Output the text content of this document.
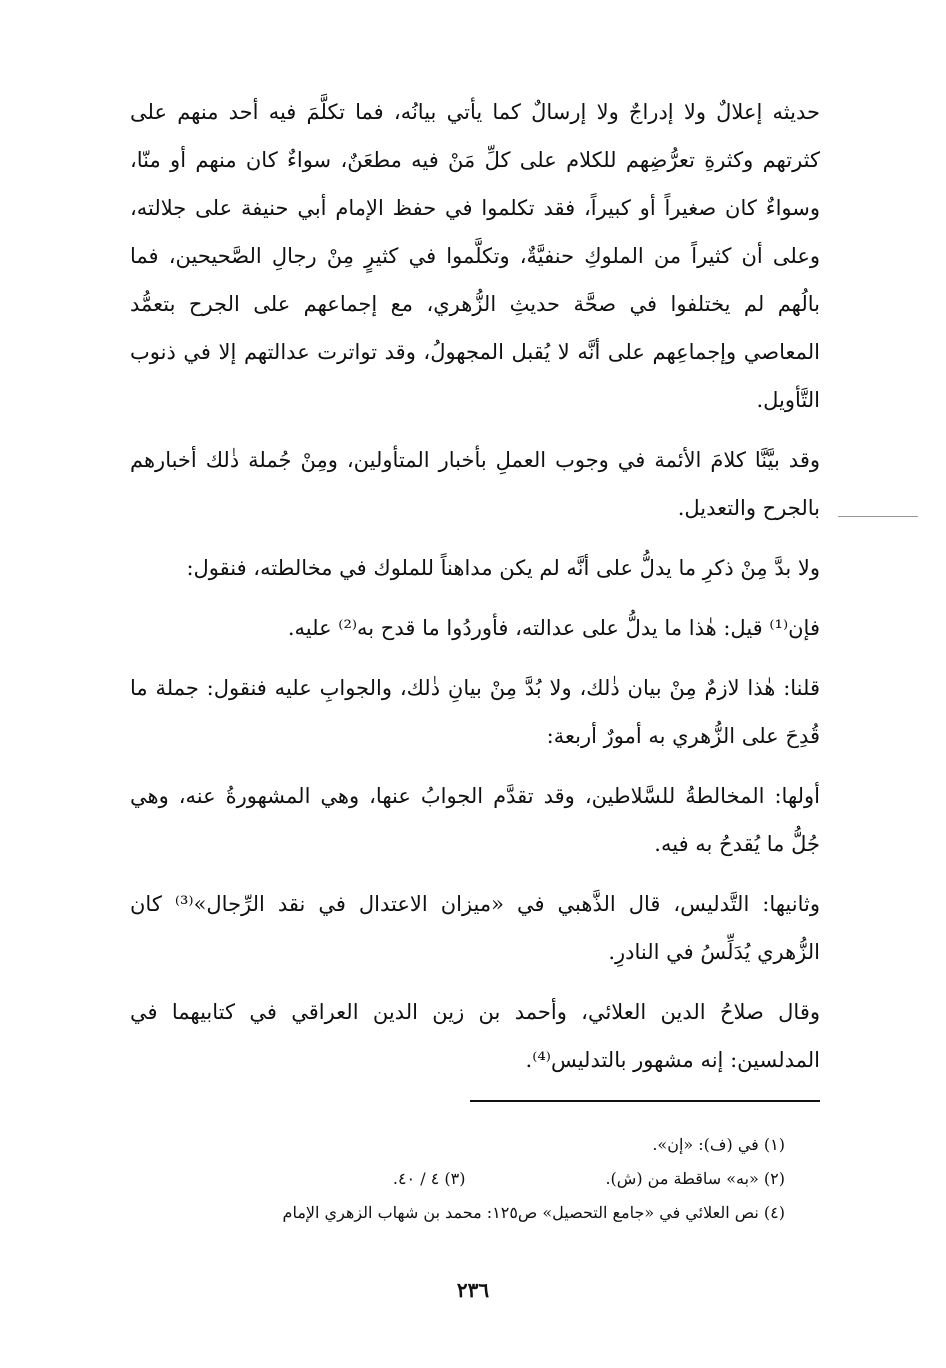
حديثه إعلالٌ ولا إدراجٌ ولا إرسالٌ كما يأتي بيانُه، فما تكلَّمَ فيه أحد منهم على كثرتهم وكثرةِ تعرُّضِهم للكلام على كلِّ مَنْ فيه مطعَنٌ، سواءٌ كان منهم أو منّا، وسواءٌ كان صغيراً أو كبيراً، فقد تكلموا في حفظ الإمام أبي حنيفة على جلالته، وعلى أن كثيراً من الملوكِ حنفيَّةٌ، وتكلَّموا في كثيرٍ مِنْ رجالِ الصَّحيحين، فما بالُهم لم يختلفوا في صحَّة حديثِ الزُّهري، مع إجماعهم على الجرح بتعمُّد المعاصي وإجماعِهم على أنَّه لا يُقبل المجهولُ، وقد تواترت عدالتهم إلا في ذنوب التَّأويل.

وقد بيَّنَّا كلامَ الأئمة في وجوب العملِ بأخبار المتأولين، ومِنْ جُملة ذٰلك أخبارهم بالجرح والتعديل.

ولا بدَّ مِنْ ذكرِ ما يدلُّ على أنَّه لم يكن مداهناً للملوك في مخالطته، فنقول:

فإن⁽¹⁾ قيل: هٰذا ما يدلُّ على عدالته، فأوردُوا ما قدح به⁽²⁾ عليه.

قلنا: هٰذا لازمٌ مِنْ بيان ذٰلك، ولا بُدَّ مِنْ بيانِ ذٰلك، والجوابِ عليه فنقول: جملة ما قُدِحَ على الزُّهري به أمورٌ أربعة:

أولها: المخالطةُ للسَّلاطين، وقد تقدَّم الجوابُ عنها، وهي المشهورةُ عنه، وهي جُلُّ ما يُقدحُ به فيه.

وثانيها: التَّدليس، قال الذَّهبي في «ميزان الاعتدال في نقد الرِّجال»⁽³⁾ كان الزُّهري يُدَلِّسُ في النادرِ.

وقال صلاحُ الدين العلائي، وأحمد بن زين الدين العراقي في كتابيهما في المدلسين: إنه مشهور بالتدليس⁽⁴⁾.

(١) في (ف): «إن».
(٢) «به» ساقطة من (ش).
(٣) ٤ / ٤٠.
(٤) نص العلائي في «جامع التحصيل» ص١٢٥: محمد بن شهاب الزهري الإمام
٢٣٦
